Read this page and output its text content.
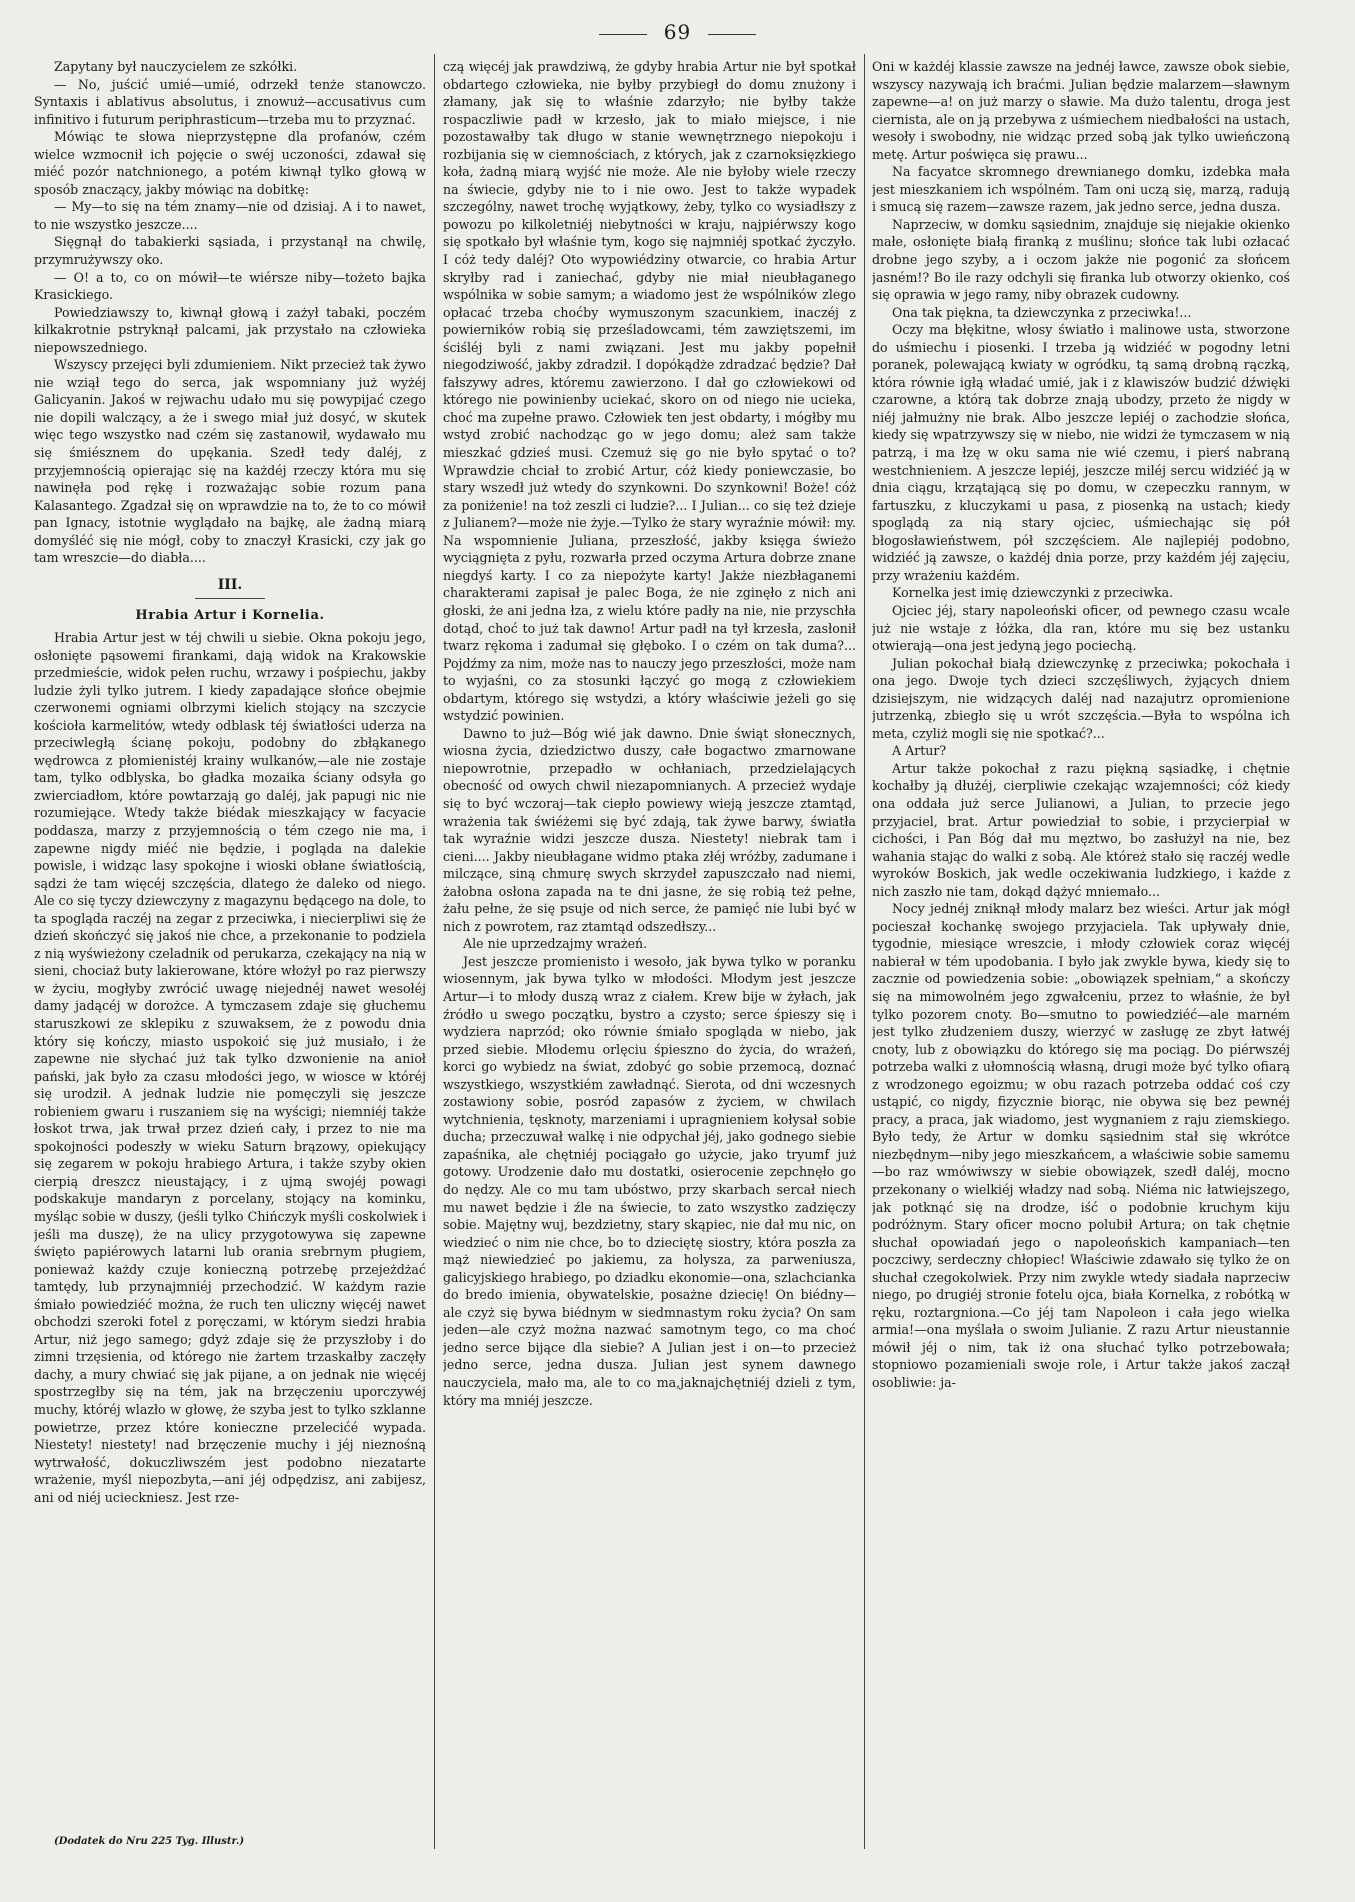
69

Zapytany był nauczycielem ze szkółki.

— No, juścić umié—umié, odrzekł tenże stanowczo. Syntaxis i ablativus absolutus, i znowuż—accusativus cum infinitivo i futurum periphrasticum—trzeba mu to przyznać.

Mówiąc te słowa nieprzystępne dla profanów, czém wielce wzmocnił ich pojęcie o swéj uczoności, zdawał się miéć pozór natchnionego, a potém kiwnął tylko głową w sposób znaczący, jakby mówiąc na dobitkę:

— My—to się na tém znamy—nie od dzisiaj. A i to nawet, to nie wszystko jeszcze....

Sięgnął do tabakierki sąsiada, i przystanął na chwilę, przymrużywszy oko.

— O! a to, co on mówił—te wiérsze niby—tożeto bajka Krasickiego.

Powiedziawszy to, kiwnął głową i zażył tabaki, poczém kilkakrotnie pstryknął palcami, jak przystało na człowieka niepowszedniego.

Wszyscy przejęci byli zdumieniem. Nikt przecież tak żywo nie wziął tego do serca, jak wspomniany już wyżéj Galicyanin. Jakoś w rejwachu udało mu się powypijać czego nie dopili walczący, a że i swego miał już dosyć, w skutek więc tego wszystko nad czém się zastanowił, wydawało mu się śmiésznem do upękania. Szedł tedy daléj, z przyjemnością opierając się na każdéj rzeczy która mu się nawinęła pod rękę i rozważając sobie rozum pana Kalasantego. Zgadzał się on wprawdzie na to, że to co mówił pan Ignacy, istotnie wyglądało na bajkę, ale żadną miarą domyśléć się nie mógł, coby to znaczył Krasicki, czy jak go tam wreszcie—do diabła....

III.
Hrabia Artur i Kornelia.

Hrabia Artur jest w téj chwili u siebie. Okna pokoju jego, osłonięte pąsowemi firankami, dają widok na Krakowskie przedmieście, widok pełen ruchu, wrzawy i pośpiechu, jakby ludzie żyli tylko jutrem. I kiedy zapadające słońce obejmie czerwonemi ogniami olbrzymi kielich stojący na szczycie kościoła karmelitów, wtedy odblask téj światłości uderza na przeciwległą ścianę pokoju, podobny do zbłąkanego wędrowca z płomienistéj krainy wulkanów,—ale nie zostaje tam, tylko odblyska, bo gładka mozaika ściany odsyła go zwierciadłom, które powtarzają go daléj, jak papugi nic nie rozumiejące. Wtedy także biédak mieszkający w facyacie poddasza, marzy z przyjemnością o tém czego nie ma, i zapewne nigdy miéć nie będzie, i pogląda na dalekie powisle, i widząc lasy spokojne i wioski obłane światłością, sądzi że tam więcéj szczęścia, dlatego że daleko od niego. Ale co się tyczy dziewczyny z magazynu będącego na dole, to ta spogląda raczéj na zegar z przeciwka, i niecierpliwi się że dzień skończyć się jakoś nie chce, a przekonanie to podziela z nią wyświeżony czeladnik od perukarza, czekający na nią w sieni, chociaż buty lakierowane, które włożył po raz pierwszy w życiu, mogłyby zwrócić uwagę niejednéj nawet wesołéj damy jadącéj w dorożce. A tymczasem zdaje się głuchemu staruszkowi ze sklepiku z szuwaksem, że z powodu dnia który się kończy, miasto uspokoić się już musiało, i że zapewne nie słychać już tak tylko dzwonienie na anioł pański, jak było za czasu młodości jego, w wiosce w któréj się urodził. A jednak ludzie nie pomęczyli się jeszcze robieniem gwaru i ruszaniem się na wyścigi; niemniéj także łoskot trwa, jak trwał przez dzień cały, i przez to nie ma spokojności podeszły w wieku Saturn brązowy, opiekujący się zegarem w pokoju hrabiego Artura, i także szyby okien cierpią dreszcz nieustający, i z ujmą swojéj powagi podskakuje mandaryn z porcelany, stojący na kominku, myśląc sobie w duszy, (jeśli tylko Chińczyk myśli coskolwiek i jeśli ma duszę), że na ulicy przygotowywa się zapewne święto papiérowych latarni lub orania srebrnym pługiem, ponieważ każdy czuje konieczną potrzebę przejeżdżać tamtędy, lub przynajmniéj przechodzić. W każdym razie śmiało powiedziéć można, że ruch ten uliczny więcéj nawet obchodzi szeroki fotel z poręczami, w którym siedzi hrabia Artur, niż jego samego; gdyż zdaje się że przyszłoby i do zimni trzęsienia, od którego nie żartem trzaskałby zaczęły dachy, a mury chwiać się jak pijane, a on jednak nie więcéj spostrzegłby się na tém, jak na brzęczeniu uporczywéj muchy, któréj wlazło w głowę, że szyba jest to tylko szklanne powietrze, przez które konieczne przelecićé wypada. Niestety! niestety! nad brzęczenie muchy i jéj nieznośną wytrwałość, dokuczliwszém jest podobno niezatarte wrażenie, myśl niepozbyta,—ani jéj odpędzisz, ani zabijesz, ani od niéj ucieckniesz. Jest rze-

(Dodatek do Nru 225 Tyg. Illustr.)

czą więcéj jak prawdziwą, że gdyby hrabia Artur nie był spotkał obdartego człowieka, nie byłby przybiegł do domu znużony i złamany, jak się to właśnie zdarzyło; nie byłby także rospaczliwie padł w krzesło, jak to miało miejsce, i nie pozostawałby tak długo w stanie wewnętrznego niepokoju i rozbijania się w ciemnościach, z których, jak z czarnoksięzkiego koła, żadną miarą wyjść nie może. Ale nie byłoby wiele rzeczy na świecie, gdyby nie to i nie owo. Jest to także wypadek szczególny, nawet trochę wyjątkowy, żeby, tylko co wysiadłszy z powozu po kilkoletniéj niebytności w kraju, najpiérwszy kogo się spotkało był właśnie tym, kogo się najmniéj spotkać życzyło. I cóż tedy daléj? Oto wypowiédziny otwarcie, co hrabia Artur skryłby rad i zaniechać, gdyby nie miał nieubłaganego wspólnika w sobie samym; a wiadomo jest że wspólników zlego opłacać trzeba choćby wymuszonym szacunkiem, inaczéj z powierników robią się prześladowcami, tém zawziętszemi, im ściśléj byli z nami związani. Jest mu jakby popełnił niegodziwość, jakby zdradził. I dopókądże zdradzać będzie? Dał fałszywy adres, któremu zawierzono. I dał go człowiekowi od którego nie powinienby uciekać, skoro on od niego nie ucieka, choć ma zupełne prawo. Człowiek ten jest obdarty, i mógłby mu wstyd zrobić nachodząc go w jego domu; ależ sam także mieszkać gdzieś musi. Czemuż się go nie było spytać o to? Wprawdzie chciał to zrobić Artur, cóż kiedy poniewczasie, bo stary wszedł już wtedy do szynkowni. Do szynkowni! Boże! cóż za poniżenie! na toż zeszli ci ludzie?... I Julian... co się też dzieje z Julianem?—może nie żyje.—Tylko że stary wyraźnie mówił: my. Na wspomnienie Juliana, przeszłość, jakby księga świeżo wyciągnięta z pyłu, rozwarła przed oczyma Artura dobrze znane niegdyś karty. I co za niepożyte karty! Jakże niezbłaganemi charakterami zapisał je palec Boga, że nie zginęło z nich ani głoski, że ani jedna łza, z wielu które padły na nie, nie przyschła dotąd, choć to już tak dawno! Artur padł na tył krzesła, zasłonił twarz rękoma i zadumał się głęboko. I o czém on tak duma?... Pojdźmy za nim, może nas to nauczy jego przeszłości, może nam to wyjaśni, co za stosunki łączyć go mogą z człowiekiem obdartym, którego się wstydzi, a który właściwie jeżeli go się wstydzić powinien.

Dawno to już—Bóg wié jak dawno. Dnie świąt słonecznych, wiosna życia, dziedzictwo duszy, całe bogactwo zmarnowane niepowrotnie, przepadło w ochłaniach, przedzielających obecność od owych chwil niezapomnianych. A przecież wydaje się to być wczoraj—tak ciepło powiewy wieją jeszcze ztamtąd, wrażenia tak świéżemi się być zdają, tak żywe barwy, światła tak wyraźnie widzi jeszcze dusza. Niestety! niebrak tam i cieni.... Jakby nieubłagane widmo ptaka złéj wróżby, zadumane i milczące, siną chmurę swych skrzydeł zapuszczało nad niemi, żałobna osłona zapada na te dni jasne, że się robią też pełne, żału pełne, że się psuje od nich serce, że pamięć nie lubi być w nich z powrotem, raz ztamtąd odszedłszy...

Ale nie uprzedzajmy wrażeń.

Jest jeszcze promienisto i wesoło, jak bywa tylko w poranku wiosennym, jak bywa tylko w młodości. Młodym jest jeszcze Artur—i to młody duszą wraz z ciałem. Krew bije w żyłach, jak źródło u swego początku, bystro a czysto; serce śpieszy się i wydziera naprzód; oko równie śmiało spogląda w niebo, jak przed siebie. Młodemu orlęciu śpieszno do życia, do wrażeń, korci go wybiedz na świat, zdobyć go sobie przemocą, doznać wszystkiego, wszystkiém zawładnąć. Sierota, od dni wczesnych zostawiony sobie, posród zapasów z życiem, w chwilach wytchnienia, tęsknoty, marzeniami i upragnieniem kołysał sobie ducha; przeczuwał walkę i nie odpychał jéj, jako godnego siebie zapaśnika, ale chętniéj pociągało go użycie, jako tryumf już gotowy. Urodzenie dało mu dostatki, osierocenie zepchnęło go do nędzy. Ale co mu tam ubóstwo, przy skarbach sercał niech mu nawet będzie i źle na świecie, to zato wszystko zadzięczy sobie. Majętny wuj, bezdzietny, stary skąpiec, nie dał mu nic, on wiedzieć o nim nie chce, bo to dzieciętę siostry, która poszła za mąż niewiedzieć po jakiemu, za holysza, za parweniusza, galicyjskiego hrabiego, po dziadku ekonomie—ona, szlachcianka do bredo imienia, obywatelskie, posażne dziecię! On biédny—ale czyż się bywa biédnym w siedmnastym roku życia? On sam jeden—ale czyż można nazwać samotnym tego, co ma choć jedno serce bijące dla siebie? A Julian jest i on—to przecież jedno serce, jedna dusza. Julian jest synem dawnego nauczyciela, mało ma, ale to co ma,jaknajchętniéj dzieli z tym, który ma mniéj jeszcze.

Oni w każdéj klassie zawsze na jednéj ławce, zawsze obok siebie, wszyscy nazywają ich braćmi. Julian będzie malarzem—sławnym zapewne—a! on już marzy o sławie. Ma dużo talentu, droga jest ciernista, ale on ją przebywa z uśmiechem niedbałości na ustach, wesoły i swobodny, nie widząc przed sobą jak tylko uwieńczoną metę. Artur poświęca się prawu...

Na facyatce skromnego drewnianego domku, izdebka mała jest mieszkaniem ich wspólném. Tam oni uczą się, marzą, radują i smucą się razem—zawsze razem, jak jedno serce, jedna dusza.

Naprzeciw, w domku sąsiednim, znajduje się niejakie okienko małe, osłonięte białą firanką z muślinu; słońce tak lubi ozłacać drobne jego szyby, a i oczom jakże nie pogonić za słońcem jasném!? Bo ile razy odchyli się firanka lub otworzy okienko, coś się oprawia w jego ramy, niby obrazek cudowny.

Ona tak piękna, ta dziewczynka z przeciwka!...

Oczy ma błękitne, włosy światło i malinowe usta, stworzone do uśmiechu i piosenki. I trzeba ją widziéć w pogodny letni poranek, polewającą kwiaty w ogródku, tą samą drobną rączką, która równie igłą władać umié, jak i z klawiszów budzić dźwięki czarowne, a którą tak dobrze znają ubodzy, przeto że nigdy w niéj jałmużny nie brak. Albo jeszcze lepiéj o zachodzie słońca, kiedy się wpatrzywszy się w niebo, nie widzi że tymczasem w nią patrzą, i ma łzę w oku sama nie wié czemu, i pierś nabraną westchnieniem. A jeszcze lepiéj, jeszcze miléj sercu widziéć ją w dnia ciągu, krzątającą się po domu, w czepeczku rannym, w fartuszku, z kluczykami u pasa, z piosenką na ustach; kiedy spoglądą za nią stary ojciec, uśmiechając się pół błogosławieństwem, pół szczęściem. Ale najlepiéj podobno, widziéć ją zawsze, o każdéj dnia porze, przy każdém jéj zajęciu, przy wrażeniu każdém.

Kornelka jest imię dziewczynki z przeciwka.

Ojciec jéj, stary napoleoński oficer, od pewnego czasu wcale już nie wstaje z łóżka, dla ran, które mu się bez ustanku otwierają—ona jest jedyną jego pociechą.

Julian pokochał białą dziewczynkę z przeciwka; pokochała i ona jego. Dwoje tych dzieci szczęśliwych, żyjących dniem dzisiejszym, nie widzących daléj nad nazajutrz opromienione jutrzenką, zbiegło się u wrót szczęścia.—Była to wspólna ich meta, czyliż mogli się nie spotkać?...

A Artur?

Artur także pokochał z razu piękną sąsiadkę, i chętnie kochałby ją dłużéj, cierpliwie czekając wzajemności; cóż kiedy ona oddała już serce Julianowi, a Julian, to przecie jego przyjaciel, brat. Artur powiedział to sobie, i przycierpiał w cichości, i Pan Bóg dał mu męztwo, bo zasłużył na nie, bez wahania stając do walki z sobą. Ale któreż stało się raczéj wedle wyroków Boskich, jak wedle oczekiwania ludzkiego, i każde z nich zaszło nie tam, dokąd dążyć mniemało...

Nocy jednéj zniknął młody malarz bez wieści. Artur jak mógł pocieszał kochankę swojego przyjaciela. Tak upływały dnie, tygodnie, miesiące wreszcie, i młody człowiek coraz więcéj nabierał w tém upodobania. I było jak zwykle bywa, kiedy się to zacznie od powiedzenia sobie: „obowiązek spełniam,“ a skończy się na mimowolném jego zgwałceniu, przez to właśnie, że był tylko pozorem cnoty. Bo—smutno to powiedziéć—ale marném jest tylko złudzeniem duszy, wierzyć w zasługę ze zbyt łatwéj cnoty, lub z obowiązku do którego się ma pociąg. Do piérwszéj potrzeba walki z ułomnością własną, drugi może być tylko ofiarą z wrodzonego egoizmu; w obu razach potrzeba oddać coś czy ustąpić, co nigdy, fizycznie biorąc, nie obywa się bez pewnéj pracy, a praca, jak wiadomo, jest wygnaniem z raju ziemskiego. Było tedy, że Artur w domku sąsiednim stał się wkrótce niezbędnym—niby jego mieszkańcem, a właściwie sobie samemu—bo raz wmówiwszy w siebie obowiązek, szedł daléj, mocno przekonany o wielkiéj władzy nad sobą. Niéma nic łatwiejszego, jak potknąć się na drodze, iść o podobnie kruchym kiju podróżnym. Stary oficer mocno polubił Artura; on tak chętnie słuchał opowiadań jego o napoleońskich kampaniach—ten poczciwy, serdeczny chłopiec! Właściwie zdawało się tylko że on słuchał czegokolwiek. Przy nim zwykle wtedy siadała naprzeciw niego, po drugiéj stronie fotelu ojca, biała Kornelka, z robótką w ręku, roztargniona.—Co jéj tam Napoleon i cała jego wielka armia!—ona myślała o swoim Julianie. Z razu Artur nieustannie mówił jéj o nim, tak iż ona słuchać tylko potrzebowała; stopniowo pozamieniali swoje role, i Artur także jakoś zaczął osobliwie: ja-
